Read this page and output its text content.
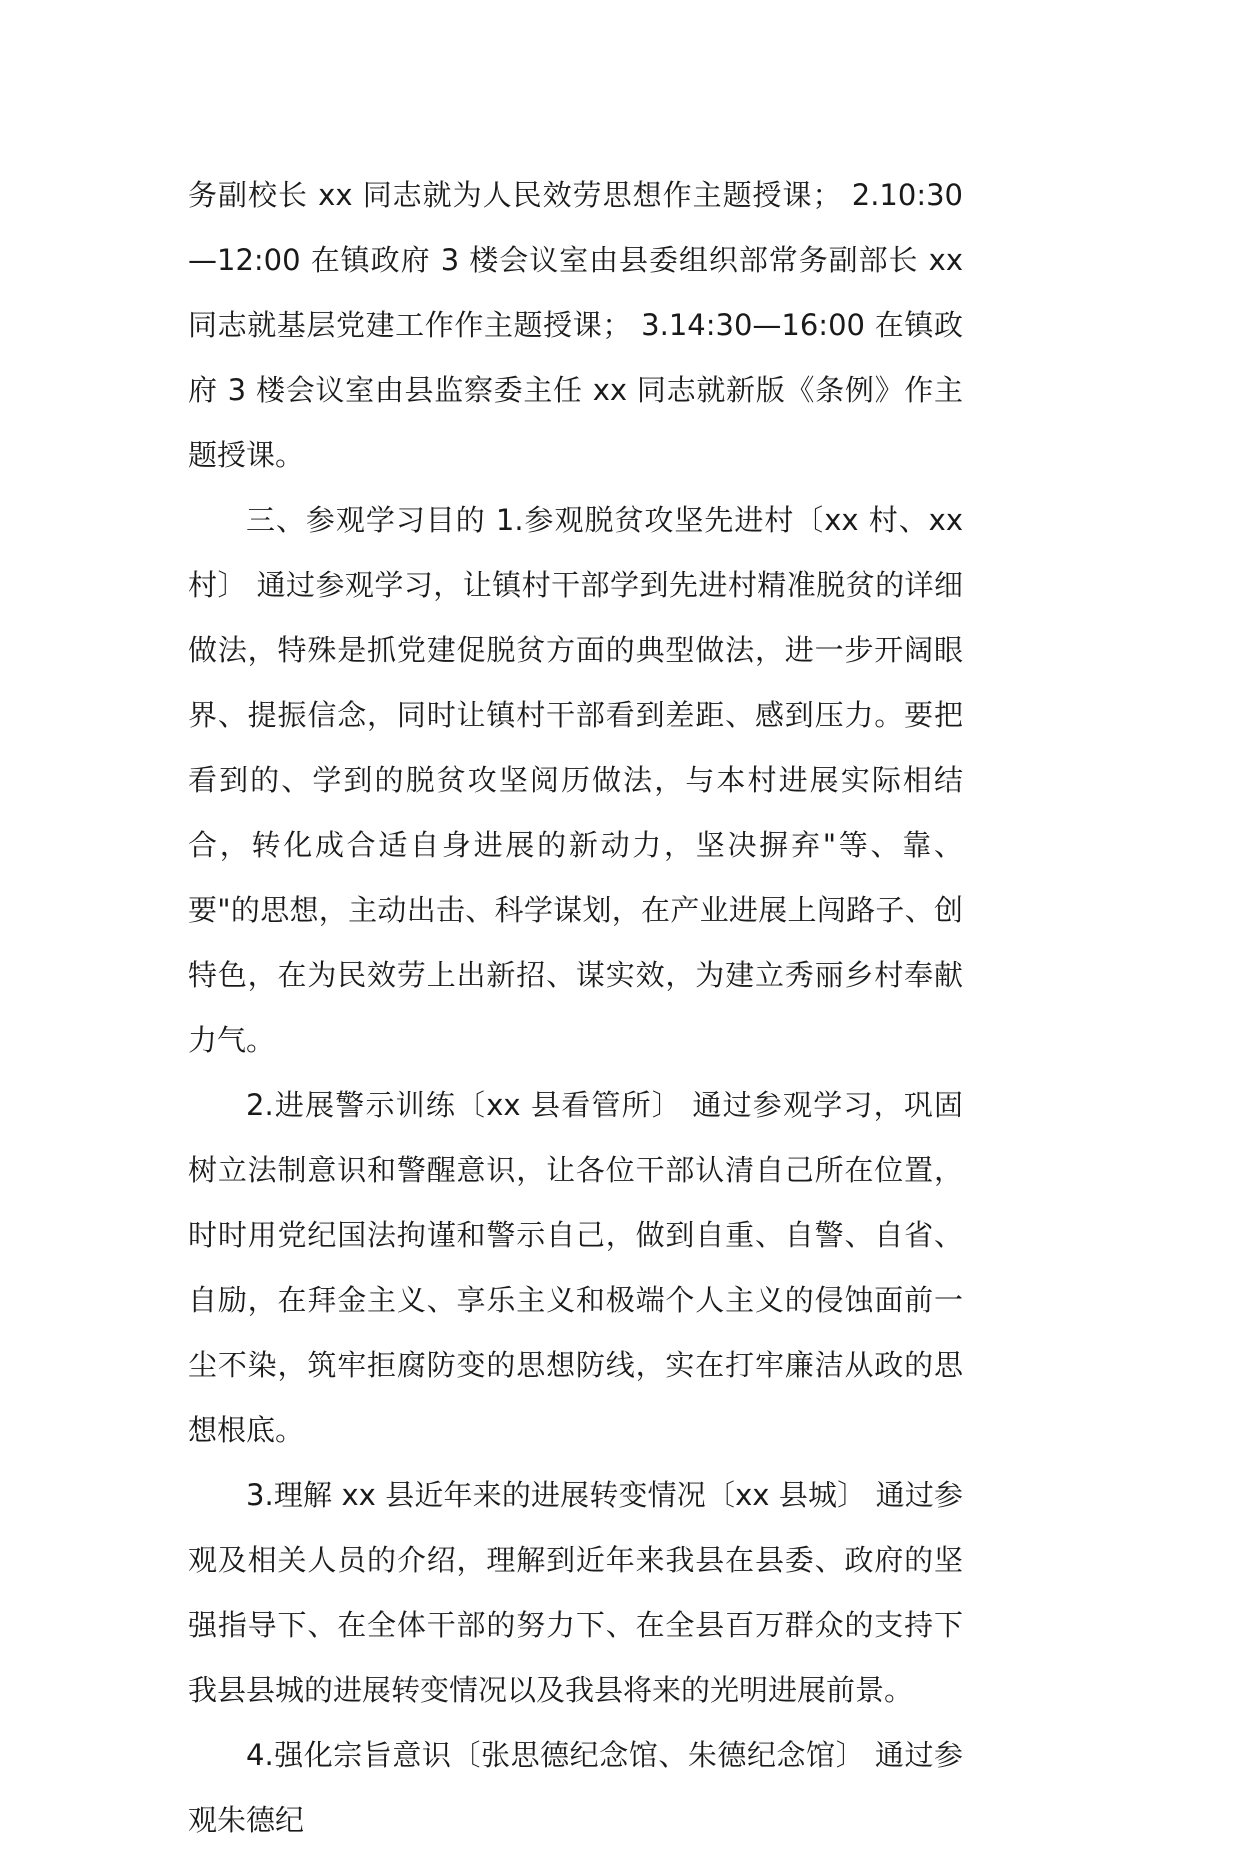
务副校长 xx 同志就为人民效劳思想作主题授课； 2.10:30—12:00 在镇政府 3 楼会议室由县委组织部常务副部长 xx 同志就基层党建工作作主题授课； 3.14:30—16:00 在镇政府 3 楼会议室由县监察委主任 xx 同志就新版《条例》作主题授课。

三、参观学习目的 1.参观脱贫攻坚先进村〔xx 村、xx 村〕 通过参观学习，让镇村干部学到先进村精准脱贫的详细做法，特殊是抓党建促脱贫方面的典型做法，进一步开阔眼界、提振信念，同时让镇村干部看到差距、感到压力。要把看到的、学到的脱贫攻坚阅历做法，与本村进展实际相结合，转化成合适自身进展的新动力，坚决摒弃"等、靠、要"的思想，主动出击、科学谋划，在产业进展上闯路子、创特色，在为民效劳上出新招、谋实效，为建立秀丽乡村奉献力气。

2.进展警示训练〔xx 县看管所〕 通过参观学习，巩固树立法制意识和警醒意识，让各位干部认清自己所在位置，时时用党纪国法拘谨和警示自己，做到自重、自警、自省、自励，在拜金主义、享乐主义和极端个人主义的侵蚀面前一尘不染，筑牢拒腐防变的思想防线，实在打牢廉洁从政的思想根底。

3.理解 xx 县近年来的进展转变情况〔xx 县城〕 通过参观及相关人员的介绍，理解到近年来我县在县委、政府的坚强指导下、在全体干部的努力下、在全县百万群众的支持下我县县城的进展转变情况以及我县将来的光明进展前景。

4.强化宗旨意识〔张思德纪念馆、朱德纪念馆〕 通过参观朱德纪
